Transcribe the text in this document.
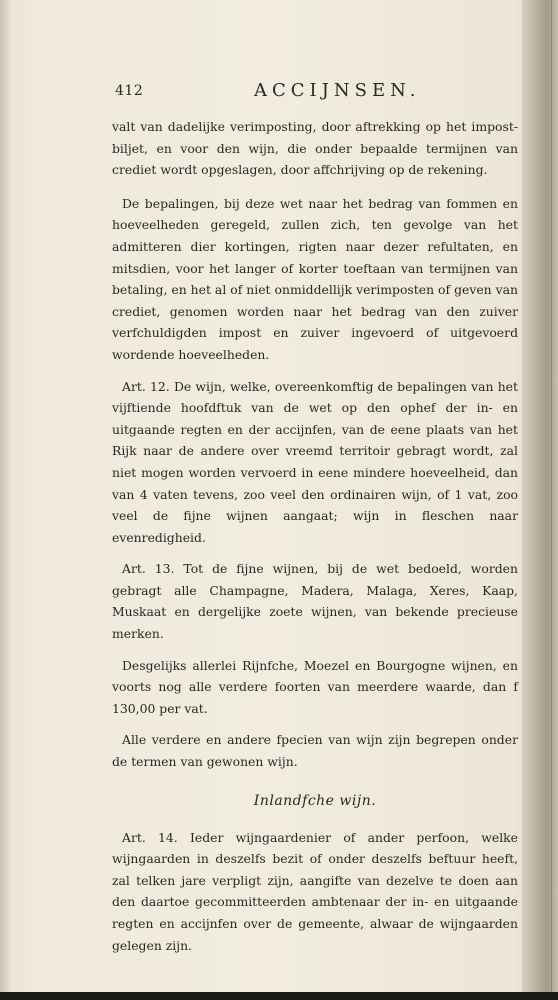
412	ACCIJNSEN.

valt van dadelijke verimposting, door aftrekking op het impost-biljet, en voor den wijn, die onder bepaalde termijnen van crediet wordt opgeslagen, door affchrijving op de rekening.

De bepalingen, bij deze wet naar het bedrag van fommen en hoeveelheden geregeld, zullen zich, ten gevolge van het admitteren dier kortingen, rigten naar dezer refultaten, en mitsdien, voor het langer of korter toeftaan van termijnen van betaling, en het al of niet onmiddellijk verimposten of geven van crediet, genomen worden naar het bedrag van den zuiver verfchuldigden impost en zuiver ingevoerd of uitgevoerd wordende hoeveelheden.

Art. 12. De wijn, welke, overeenkomftig de bepalingen van het vijftiende hoofdftuk van de wet op den ophef der in- en uitgaande regten en der accijnfen, van de eene plaats van het Rijk naar de andere over vreemd territoir gebragt wordt, zal niet mogen worden vervoerd in eene mindere hoeveelheid, dan van 4 vaten tevens, zoo veel den ordinairen wijn, of 1 vat, zoo veel de fijne wijnen aangaat; wijn in fleschen naar evenredigheid.

Art. 13. Tot de fijne wijnen, bij de wet bedoeld, worden gebragt alle Champagne, Madera, Malaga, Xeres, Kaap, Muskaat en dergelijke zoete wijnen, van bekende precieuse merken.

Desgelijks allerlei Rijnfche, Moezel en Bourgogne wijnen, en voorts nog alle verdere foorten van meerdere waarde, dan f 130,00 per vat.

Alle verdere en andere fpecien van wijn zijn begrepen onder de termen van gewonen wijn.

Inlandfche wijn.

Art. 14. Ieder wijngaardenier of ander perfoon, welke wijngaarden in deszelfs bezit of onder deszelfs beftuur heeft, zal telken jare verpligt zijn, aangifte van dezelve te doen aan den daartoe gecommitteerden ambtenaar der in- en uitgaande regten en accijnfen over de gemeente, alwaar de wijngaarden gelegen zijn.
